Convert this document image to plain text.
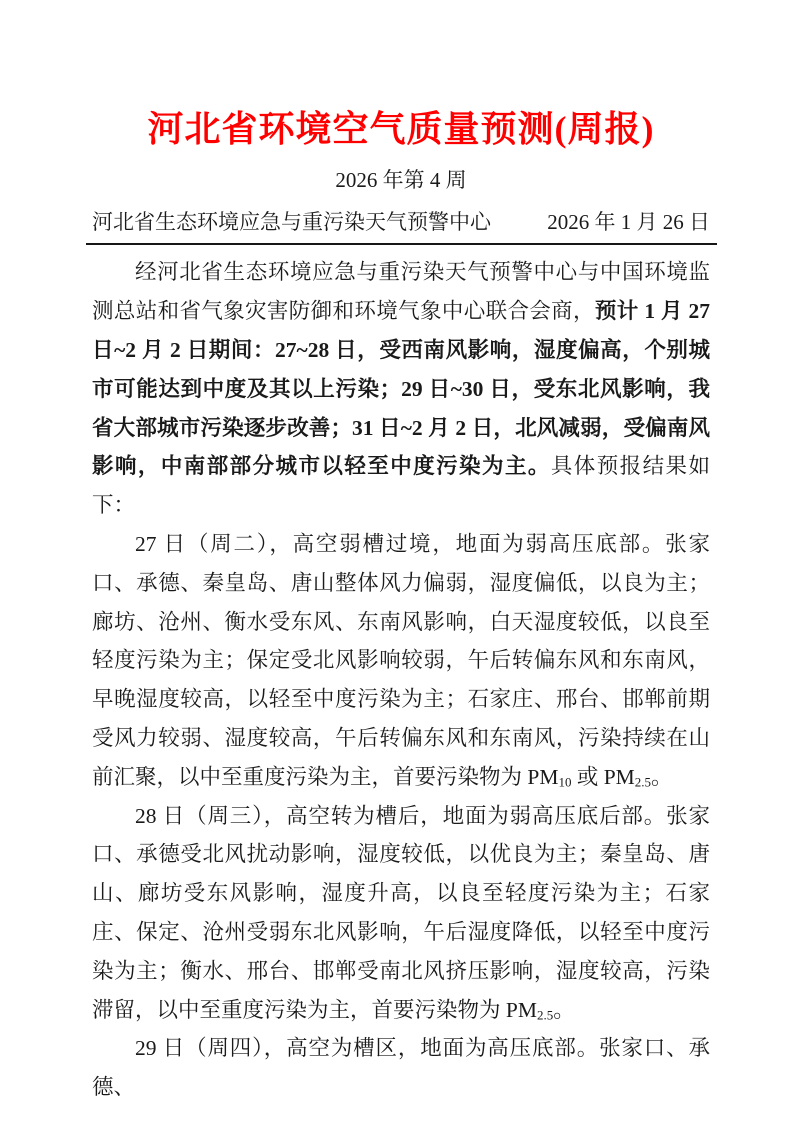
河北省环境空气质量预测(周报)
2026 年第 4 周
河北省生态环境应急与重污染天气预警中心	2026 年 1 月 26 日

经河北省生态环境应急与重污染天气预警中心与中国环境监测总站和省气象灾害防御和环境气象中心联合会商，预计 1 月 27 日~2 月 2 日期间：27~28 日，受西南风影响，湿度偏高，个别城市可能达到中度及其以上污染；29 日~30 日，受东北风影响，我省大部城市污染逐步改善；31 日~2 月 2 日，北风减弱，受偏南风影响，中南部部分城市以轻至中度污染为主。具体预报结果如下：

27 日（周二），高空弱槽过境，地面为弱高压底部。张家口、承德、秦皇岛、唐山整体风力偏弱，湿度偏低，以良为主；廊坊、沧州、衡水受东风、东南风影响，白天湿度较低，以良至轻度污染为主；保定受北风影响较弱，午后转偏东风和东南风，早晚湿度较高，以轻至中度污染为主；石家庄、邢台、邯郸前期受风力较弱、湿度较高，午后转偏东风和东南风，污染持续在山前汇聚，以中至重度污染为主，首要污染物为 $PM_{10}$ 或 $PM_{2.5}$。

28 日（周三），高空转为槽后，地面为弱高压底后部。张家口、承德受北风扰动影响，湿度较低，以优良为主；秦皇岛、唐山、廊坊受东风影响，湿度升高，以良至轻度污染为主；石家庄、保定、沧州受弱东北风影响，午后湿度降低，以轻至中度污染为主；衡水、邢台、邯郸受南北风挤压影响，湿度较高，污染滞留，以中至重度污染为主，首要污染物为 $PM_{2.5}$。

29 日（周四），高空为槽区，地面为高压底部。张家口、承德、
